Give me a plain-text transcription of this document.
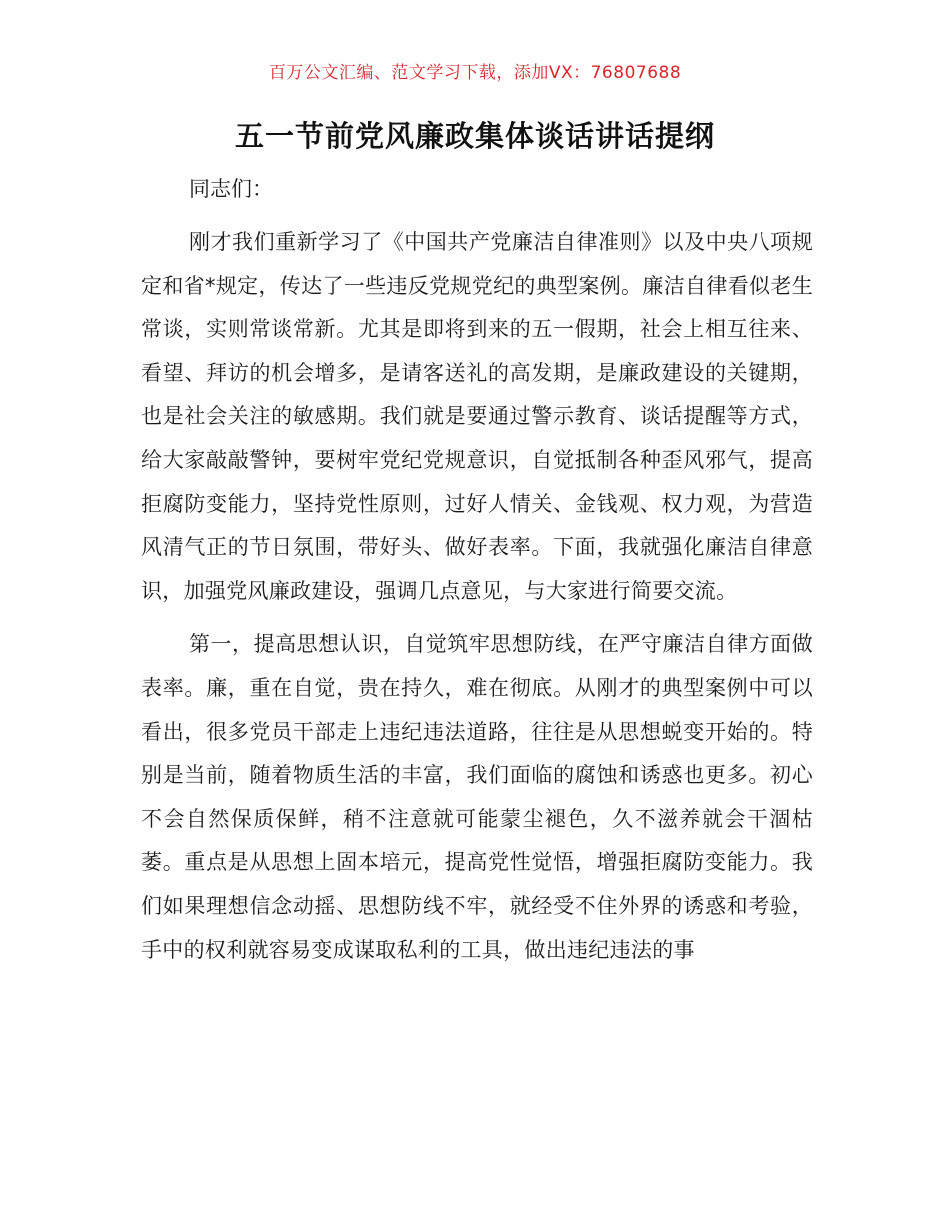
百万公文汇编、范文学习下载，添加VX：76807688
五一节前党风廉政集体谈话讲话提纲

同志们：

刚才我们重新学习了《中国共产党廉洁自律准则》以及中央八项规定和省*规定，传达了一些违反党规党纪的典型案例。廉洁自律看似老生常谈，实则常谈常新。尤其是即将到来的五一假期，社会上相互往来、看望、拜访的机会增多，是请客送礼的高发期，是廉政建设的关键期，也是社会关注的敏感期。我们就是要通过警示教育、谈话提醒等方式，给大家敲敲警钟，要树牢党纪党规意识，自觉抵制各种歪风邪气，提高拒腐防变能力，坚持党性原则，过好人情关、金钱观、权力观，为营造风清气正的节日氛围，带好头、做好表率。下面，我就强化廉洁自律意识，加强党风廉政建设，强调几点意见，与大家进行简要交流。

第一，提高思想认识，自觉筑牢思想防线，在严守廉洁自律方面做表率。廉，重在自觉，贵在持久，难在彻底。从刚才的典型案例中可以看出，很多党员干部走上违纪违法道路，往往是从思想蜕变开始的。特别是当前，随着物质生活的丰富，我们面临的腐蚀和诱惑也更多。初心不会自然保质保鲜，稍不注意就可能蒙尘褪色，久不滋养就会干涸枯萎。重点是从思想上固本培元，提高党性觉悟，增强拒腐防变能力。我们如果理想信念动摇、思想防线不牢，就经受不住外界的诱惑和考验，手中的权利就容易变成谋取私利的工具，做出违纪违法的事
